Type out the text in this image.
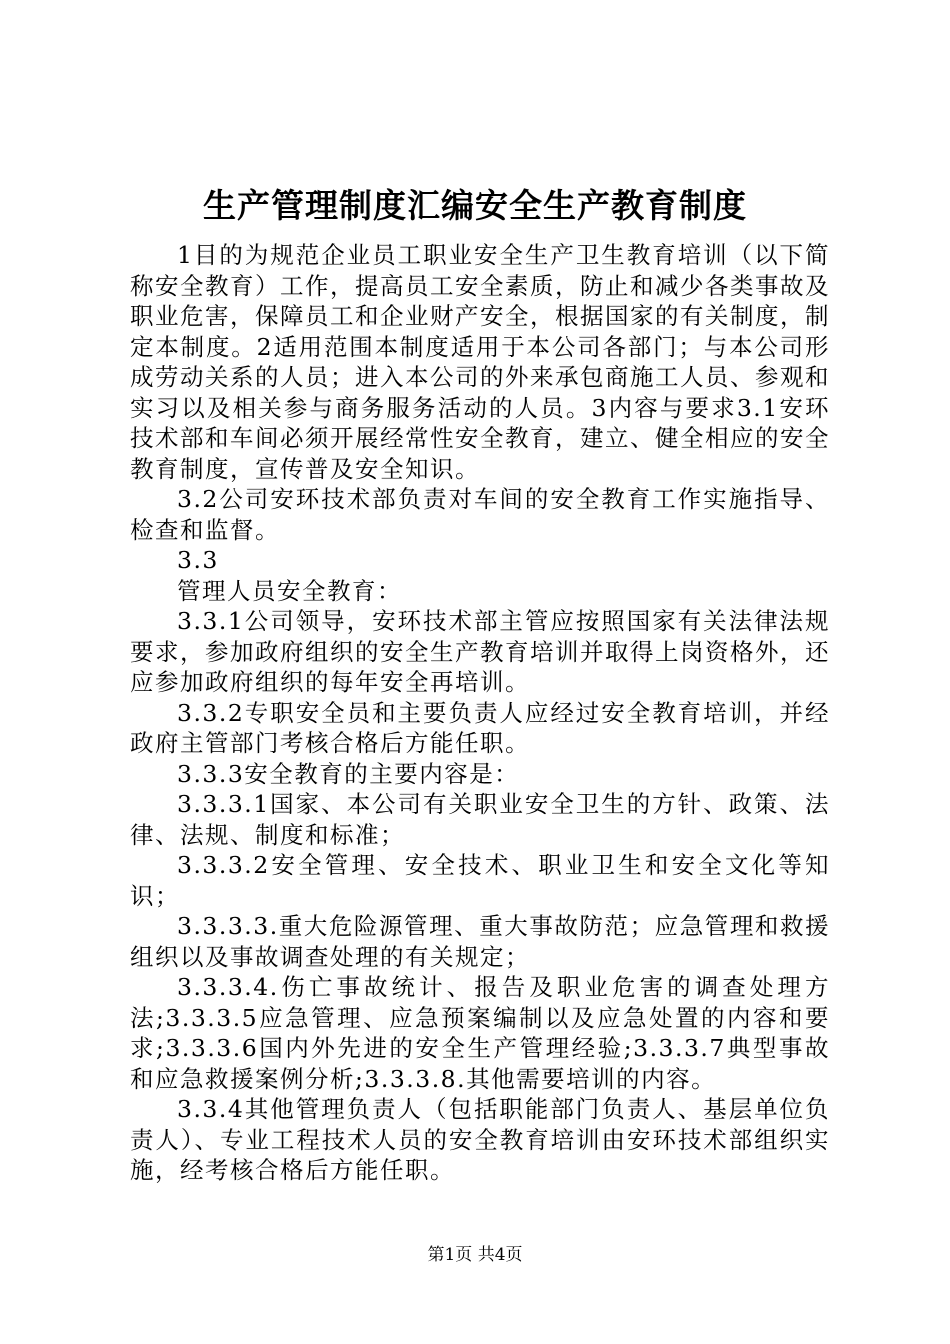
生产管理制度汇编安全生产教育制度

1目的为规范企业员工职业安全生产卫生教育培训（以下简称安全教育）工作，提高员工安全素质，防止和减少各类事故及职业危害，保障员工和企业财产安全，根据国家的有关制度，制定本制度。2适用范围本制度适用于本公司各部门；与本公司形成劳动关系的人员；进入本公司的外来承包商施工人员、参观和实习以及相关参与商务服务活动的人员。3内容与要求3.1安环技术部和车间必须开展经常性安全教育，建立、健全相应的安全教育制度，宣传普及安全知识。

3.2公司安环技术部负责对车间的安全教育工作实施指导、检查和监督。

3.3

管理人员安全教育：

3.3.1公司领导，安环技术部主管应按照国家有关法律法规要求，参加政府组织的安全生产教育培训并取得上岗资格外，还应参加政府组织的每年安全再培训。

3.3.2专职安全员和主要负责人应经过安全教育培训，并经政府主管部门考核合格后方能任职。

3.3.3安全教育的主要内容是：

3.3.3.1国家、本公司有关职业安全卫生的方针、政策、法律、法规、制度和标准；

3.3.3.2安全管理、安全技术、职业卫生和安全文化等知识；

3.3.3.3.重大危险源管理、重大事故防范；应急管理和救援组织以及事故调查处理的有关规定；

3.3.3.4.伤亡事故统计、报告及职业危害的调查处理方法;3.3.3.5应急管理、应急预案编制以及应急处置的内容和要求;3.3.3.6国内外先进的安全生产管理经验;3.3.3.7典型事故和应急救援案例分析;3.3.3.8.其他需要培训的内容。

3.3.4其他管理负责人（包括职能部门负责人、基层单位负责人）、专业工程技术人员的安全教育培训由安环技术部组织实施，经考核合格后方能任职。

第1页 共4页
